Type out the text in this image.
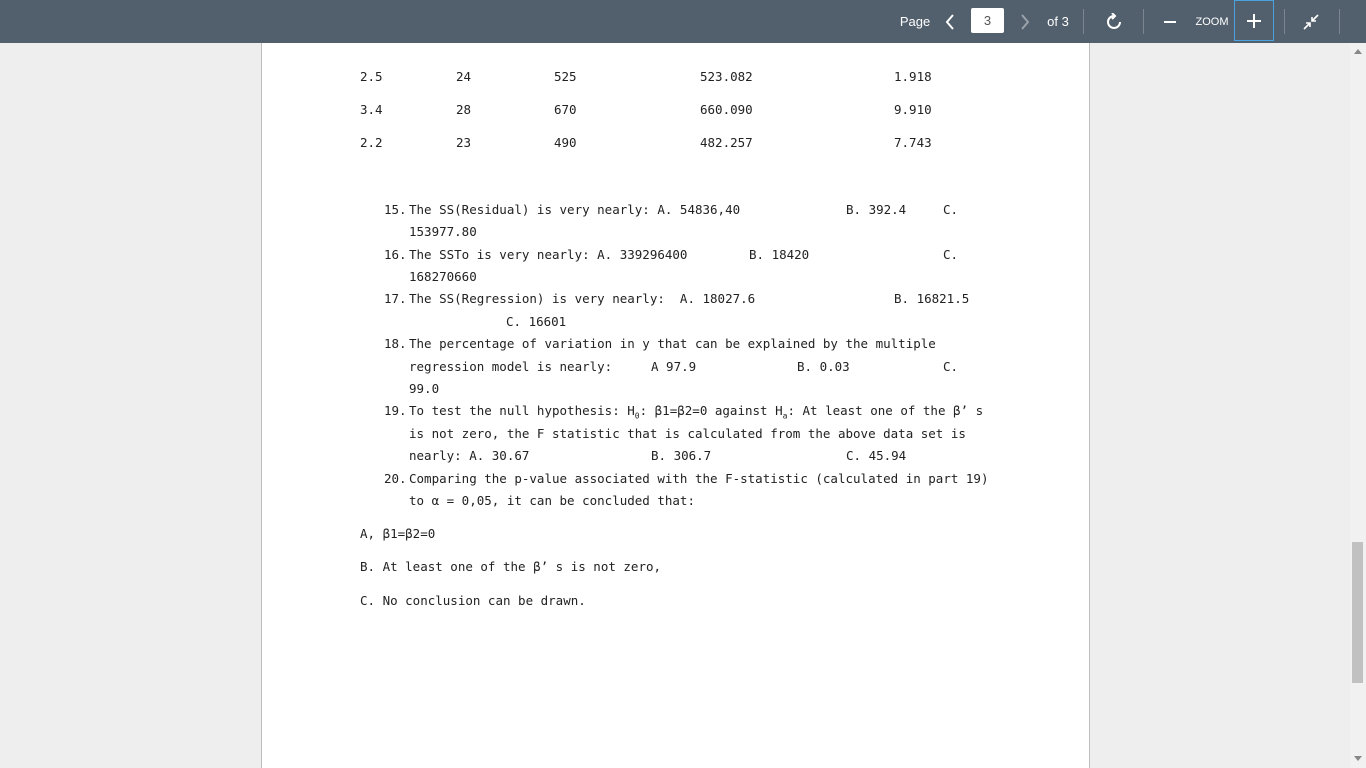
Page	3	of 3	ZOOM
2.5	24	525	523.082	1.918
3.4	28	670	660.090	9.910
2.2	23	490	482.257	7.743
15. The SS(Residual) is very nearly: A. 54836,40	B. 392.4	C.
153977.80
16. The SSTo is very nearly: A. 339296400	B. 18420	C.
168270660
17. The SS(Regression) is very nearly:  A. 18027.6	B. 16821.5
C. 16601
18. The percentage of variation in y that can be explained by the multiple
regression model is nearly:	A 97.9	B. 0.03	C.
99.0
19. To test the null hypothesis: $H_0$: β1=β2=0 against $H_a$: At least one of the β’ s
is not zero, the F statistic that is calculated from the above data set is
nearly: A. 30.67	B. 306.7	C. 45.94
20. Comparing the p-value associated with the F-statistic (calculated in part 19)
to α = 0,05, it can be concluded that:
A, β1=β2=0
B. At least one of the β’ s is not zero,
C. No conclusion can be drawn.
